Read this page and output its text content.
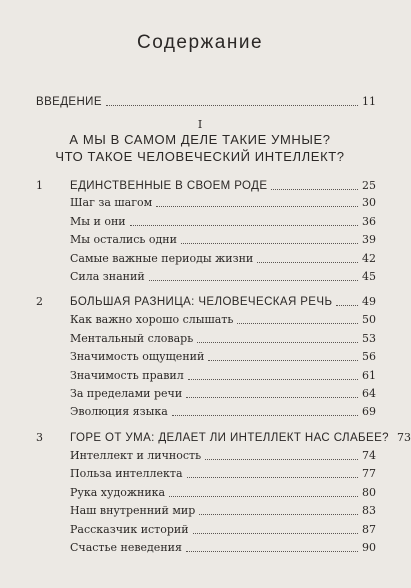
Содержание
ВВЕДЕНИЕ	11
I
А МЫ В САМОМ ДЕЛЕ ТАКИЕ УМНЫЕ?
ЧТО ТАКОЕ ЧЕЛОВЕЧЕСКИЙ ИНТЕЛЛЕКТ?
1	ЕДИНСТВЕННЫЕ В СВОЕМ РОДЕ	25
Шаг за шагом	30
Мы и они	36
Мы остались одни	39
Самые важные периоды жизни	42
Сила знаний	45
2	БОЛЬШАЯ РАЗНИЦА: ЧЕЛОВЕЧЕСКАЯ РЕЧЬ	49
Как важно хорошо слышать	50
Ментальный словарь	53
Значимость ощущений	56
Значимость правил	61
За пределами речи	64
Эволюция языка	69
3	ГОРЕ ОТ УМА: ДЕЛАЕТ ЛИ ИНТЕЛЛЕКТ НАС СЛАБЕЕ? 73
Интеллект и личность	74
Польза интеллекта	77
Рука художника	80
Наш внутренний мир	83
Рассказчик историй	87
Счастье неведения	90
